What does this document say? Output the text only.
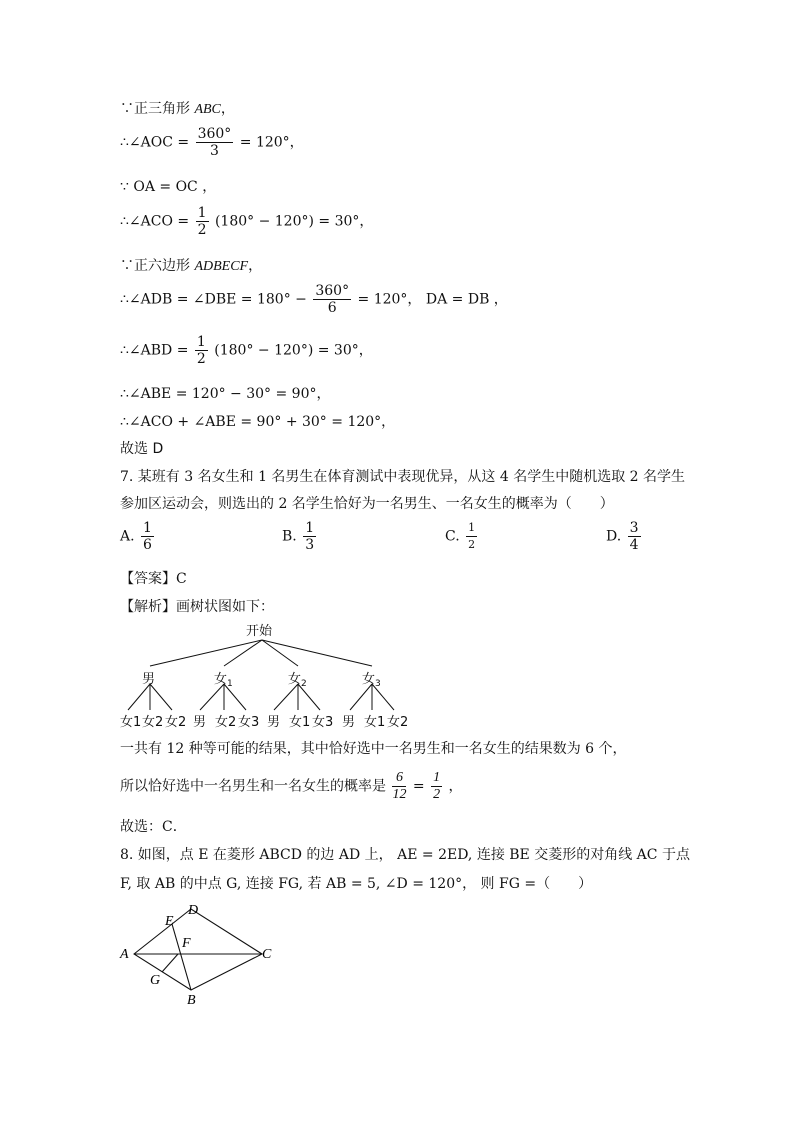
∵正三角形 ABC，
∴∠AOC = $\frac{360^\circ}{3} = 120^\circ$，
∵ OA = OC ，
∴∠ACO = $\frac{1}{2} (180^\circ - 120^\circ) = 30^\circ$，
∵正六边形 ADBECF，
∴∠ADB = ∠DBE = $180^\circ - \frac{360^\circ}{6} = 120^\circ$， DA = DB ，
∴∠ABD = $\frac{1}{2} (180^\circ - 120^\circ) = 30^\circ$，
∴∠ABE = 120° − 30° = 90°，
∴∠ACO + ∠ABE = 90° + 30° = 120°，
故选 D
7. 某班有 3 名女生和 1 名男生在体育测试中表现优异，从这 4 名学生中随机选取 2 名学生
参加区运动会，则选出的 2 名学生恰好为一名男生、一名女生的概率为（　　）
A. $\frac{1}{6}$	B. $\frac{1}{3}$	C. $\frac{1}{2}$	D. $\frac{3}{4}$
【答案】C
【解析】画树状图如下：
开始
男	女$_1$	女$_2$	女$_3$
女1 女2 女2 男 女2 女3 男 女1 女3 男 女1 女2
一共有 12 种等可能的结果，其中恰好选中一名男生和一名女生的结果数为 6 个，
所以恰好选中一名男生和一名女生的概率是 $\frac{6}{12} = \frac{1}{2}$ ，
故选：C．
8. 如图，点 E 在菱形 ABCD 的边 AD 上， AE = 2ED, 连接 BE 交菱形的对角线 AC 于点
F, 取 AB 的中点 G, 连接 FG, 若 AB = 5, ∠D = 120°， 则 FG =（　　）
A
B
C
D
E
F
G
